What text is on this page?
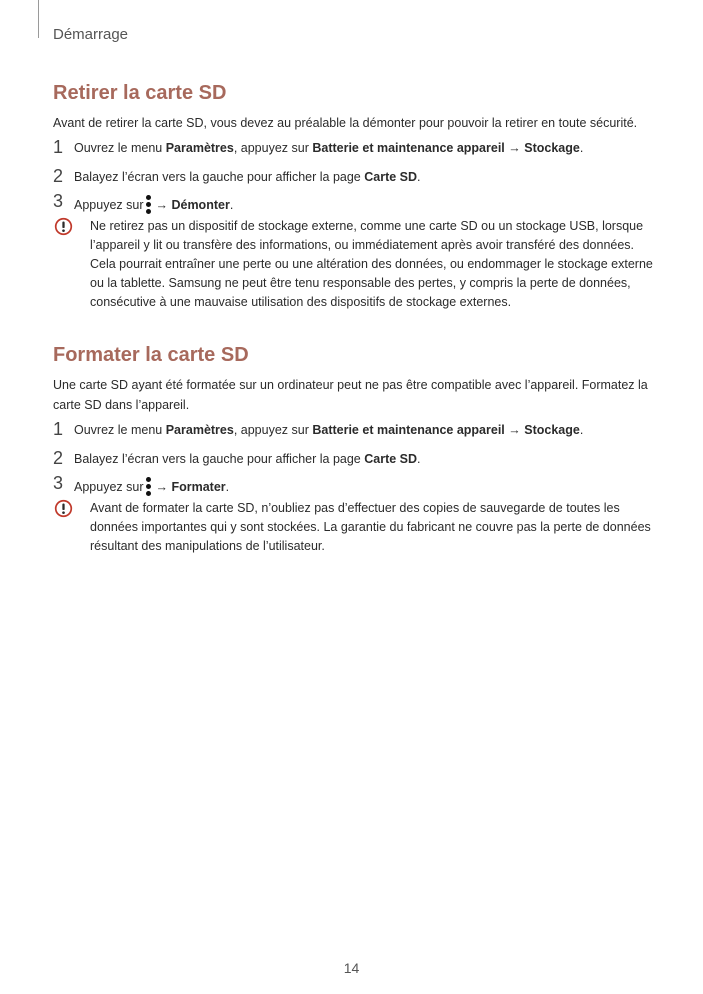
Démarrage
Retirer la carte SD
Avant de retirer la carte SD, vous devez au préalable la démonter pour pouvoir la retirer en toute sécurité.
1 Ouvrez le menu Paramètres, appuyez sur Batterie et maintenance appareil → Stockage.
2 Balayez l’écran vers la gauche pour afficher la page Carte SD.
3 Appuyez sur → Démonter.
Ne retirez pas un dispositif de stockage externe, comme une carte SD ou un stockage USB, lorsque
l’appareil y lit ou transfère des informations, ou immédiatement après avoir transféré des données.
Cela pourrait entraîner une perte ou une altération des données, ou endommager le stockage externe
ou la tablette. Samsung ne peut être tenu responsable des pertes, y compris la perte de données,
consécutive à une mauvaise utilisation des dispositifs de stockage externes.
Formater la carte SD
Une carte SD ayant été formatée sur un ordinateur peut ne pas être compatible avec l’appareil. Formatez la
carte SD dans l’appareil.
1 Ouvrez le menu Paramètres, appuyez sur Batterie et maintenance appareil → Stockage.
2 Balayez l’écran vers la gauche pour afficher la page Carte SD.
3 Appuyez sur → Formater.
Avant de formater la carte SD, n’oubliez pas d’effectuer des copies de sauvegarde de toutes les
données importantes qui y sont stockées. La garantie du fabricant ne couvre pas la perte de données
résultant des manipulations de l’utilisateur.
14
